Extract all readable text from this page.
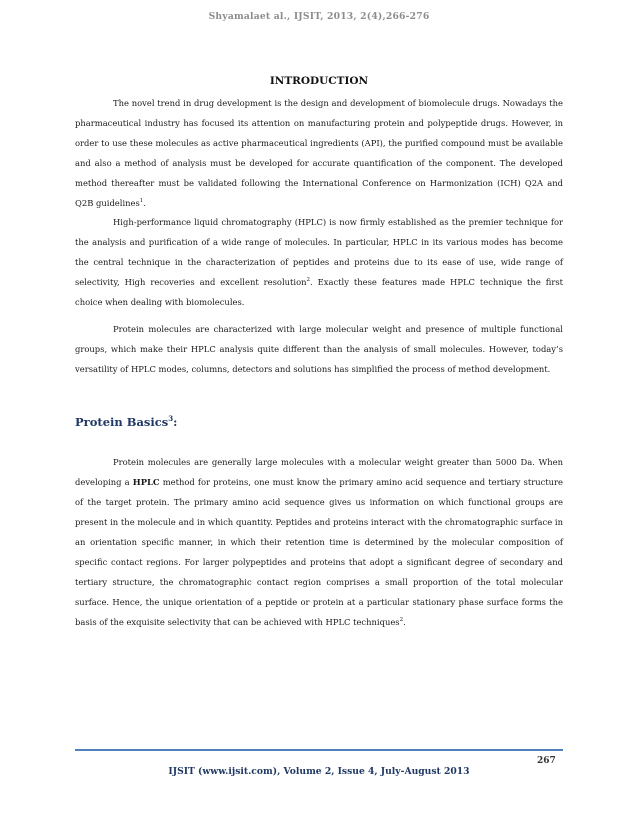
Shyamalaet al., IJSIT, 2013, 2(4),266-276
INTRODUCTION

The novel trend in drug development is the design and development of biomolecule drugs. Nowadays the pharmaceutical industry has focused its attention on manufacturing protein and polypeptide drugs. However, in order to use these molecules as active pharmaceutical ingredients (API), the purified compound must be available and also a method of analysis must be developed for accurate quantification of the component. The developed method thereafter must be validated following the International Conference on Harmonization (ICH) Q2A and Q2B guidelines$^1$.

High-performance liquid chromatography (HPLC) is now firmly established as the premier technique for the analysis and purification of a wide range of molecules. In particular, HPLC in its various modes has become the central technique in the characterization of peptides and proteins due to its ease of use, wide range of selectivity, High recoveries and excellent resolution$^2$. Exactly these features made HPLC technique the first choice when dealing with biomolecules.

Protein molecules are characterized with large molecular weight and presence of multiple functional groups, which make their HPLC analysis quite different than the analysis of small molecules. However, today’s versatility of HPLC modes, columns, detectors and solutions has simplified the process of method development.

Protein Basics$^3$:

Protein molecules are generally large molecules with a molecular weight greater than 5000 Da. When developing a HPLC method for proteins, one must know the primary amino acid sequence and tertiary structure of the target protein. The primary amino acid sequence gives us information on which functional groups are present in the molecule and in which quantity. Peptides and proteins interact with the chromatographic surface in an orientation specific manner, in which their retention time is determined by the molecular composition of specific contact regions. For larger polypeptides and proteins that adopt a significant degree of secondary and tertiary structure, the chromatographic contact region comprises a small proportion of the total molecular surface. Hence, the unique orientation of a peptide or protein at a particular stationary phase surface forms the basis of the exquisite selectivity that can be achieved with HPLC techniques$^2$.

267
IJSIT (www.ijsit.com), Volume 2, Issue 4, July-August 2013
